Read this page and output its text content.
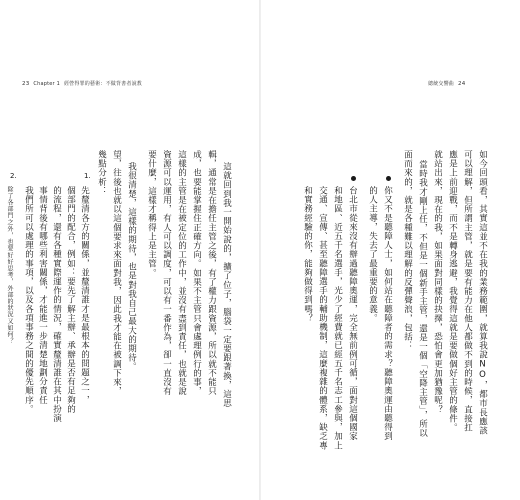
23 Chapter 1 經營得罪的藝術：不做背書者說教
這就回到我一開始說的，擴了位子，腦袋一定要跟著換，這思
輯，通常是在擔任主管之後，有了權力跟資源，所以就不能只
成，也要能掌握住正確方向。如果不主管只會處理例行的事，
這樣的主管是在被定位的工作中，並沒有盡到責任，也就是說
資源可以運用，有人可以調度，可以有一番作為，卻一直沒有
要什麼，這樣才稱得上是主管。
我很清楚，這樣的期待，也是對我自己最大的期待。
望，往後也就以這個要求來面對我，因此我才能在被調下來，
幾點分析：
1.
先釐清各方的關係，並釐清誰才是最根本的問題之一，
個部門的配合，例如：要先了解主辦、承辦是否有足夠的
的流程，還有各種實際運作的情況，確實釐清誰在其中扮演
事情背後有哪些利害關係，才能進一步清楚地劃分責任
我們所可以處理的事項，以及各項事務之間的優先順序。
2.
除了各部門之外，也要好好思考，外部的狀況又如何？
總統交響曲 24
如今回頭看，其實這並不在我的業務範圍，就算我說NO，都市長應該
可以理解，但所謂主管，就是要有能力在他人都做不到的時候，直接扛
應是上前迎戰，而不是轉身逃避，我覺得這就是要做個好主管的條件。
就站出來，現在的我，如果面對同樣的抉擇，恐怕會更加猶豫呢？
當時我才剛上任，不但是一個新手主管，還是一個「空降主管」，所以
面而來的，就是各種難以理解的反彈聲浪，包括：
你又不是聽障人士，如何站在聽障者的需求？聽障奧運由聽得到
的人主導，失去了最重要的意義。
台北市從來沒有辦過聽障奧運，完全無前例可循，面對這個國家
和地區、近五千名選手，光少了經費就已經五千名志工參與，加上
交通、宣傳、甚至聽障選手的輔助機制，這麼複雜的體系，缺乏專
和實務經驗的你，能夠做得到嗎？
